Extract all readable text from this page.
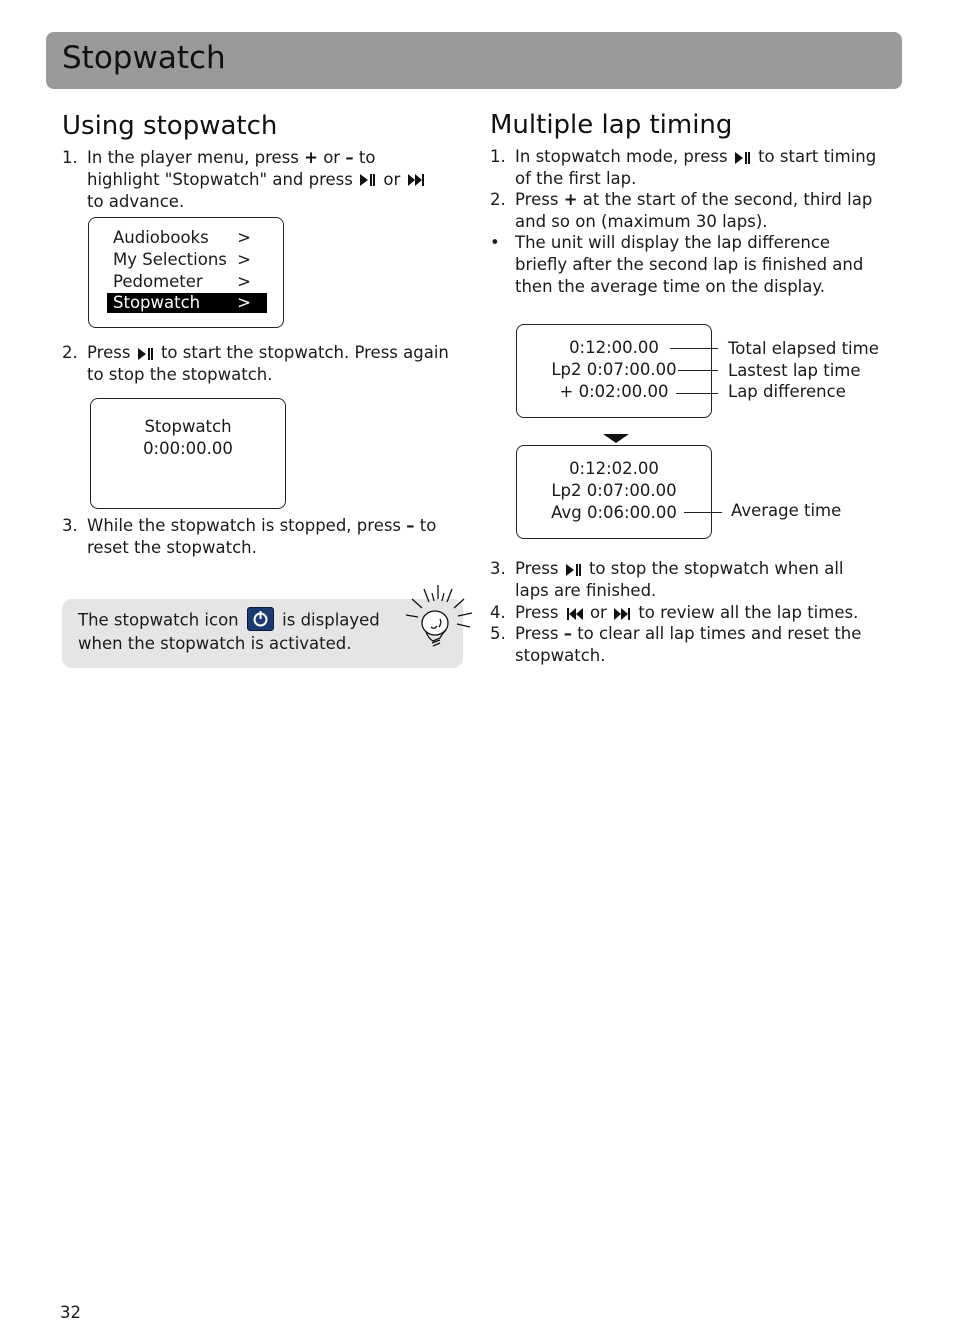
Stopwatch
Using stopwatch
1. In the player menu, press + or – to
highlight "Stopwatch" and press or
to advance.
Audiobooks >
My Selections >
Pedometer >
Stopwatch >
2. Press to start the stopwatch. Press again
to stop the stopwatch.
Stopwatch
0:00:00.00
3. While the stopwatch is stopped, press – to
reset the stopwatch.
The stopwatch icon	is displayed
when the stopwatch is activated.
Multiple lap timing
1. In stopwatch mode, press to start timing
of the first lap.
2. Press + at the start of the second, third lap
and so on (maximum 30 laps).
• The unit will display the lap difference
briefly after the second lap is finished and
then the average time on the display.
0:12:00.00
Lp2 0:07:00.00
+ 0:02:00.00
Total elapsed time
Lastest lap time
Lap difference
0:12:02.00
Lp2 0:07:00.00
Avg 0:06:00.00	Average time
3. Press to stop the stopwatch when all
laps are finished.
4. Press or to review all the lap times.
5. Press – to clear all lap times and reset the
stopwatch.
32
